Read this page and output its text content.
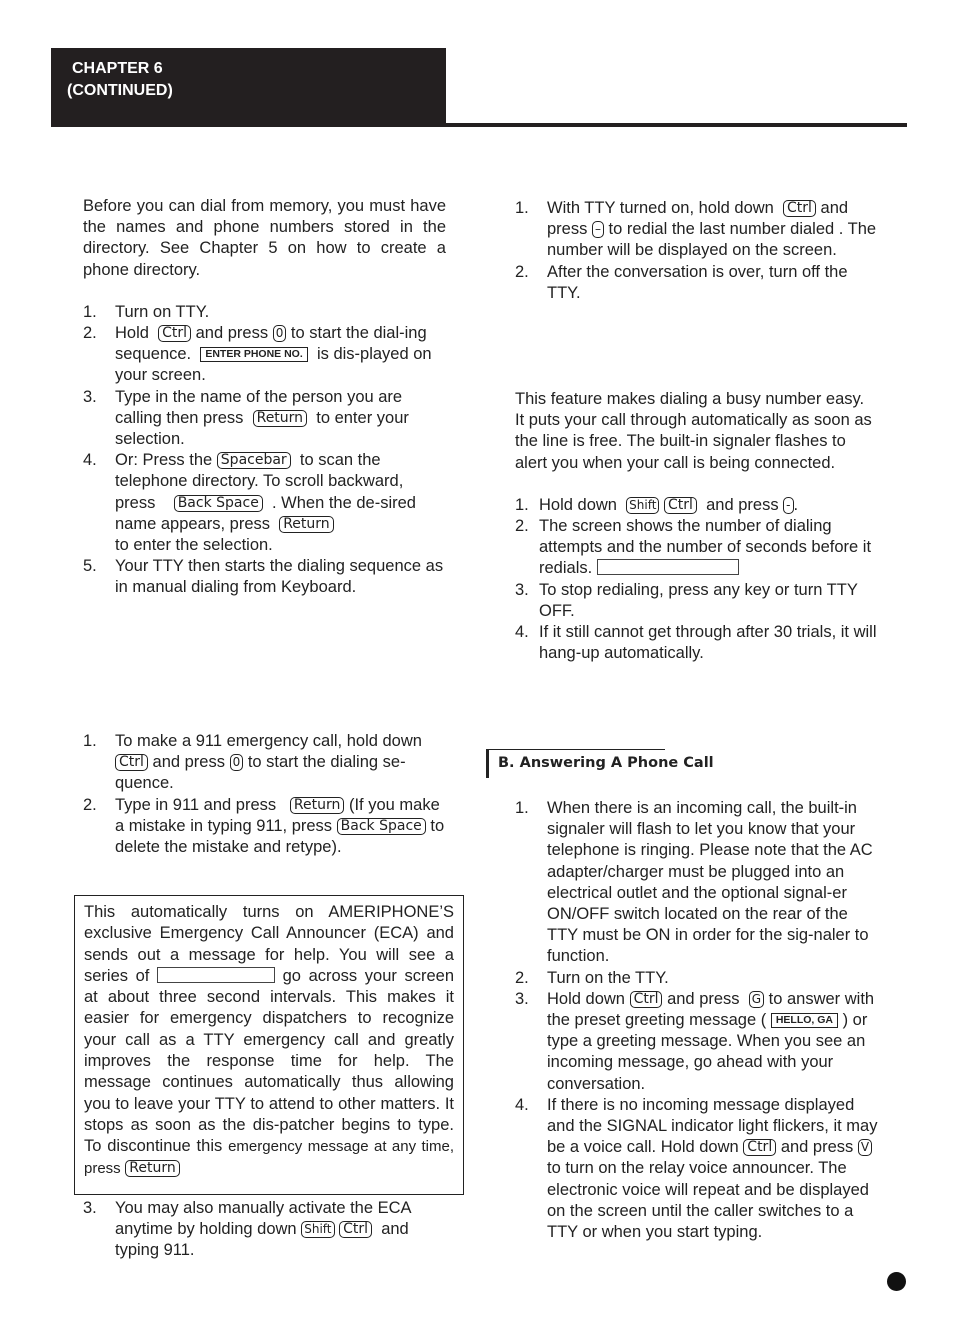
CHAPTER 6
(CONTINUED)

Before you can dial from memory, you must have the names and phone numbers stored in the directory. See Chapter 5 on how to create a phone directory.

1. Turn on TTY.
2. Hold Ctrl and press 0 to start the dial-ing sequence. ENTER PHONE NO. is dis-played on your screen.
3. Type in the name of the person you are calling then press Return to enter your selection.
4. Or: Press the Spacebar to scan the telephone directory. To scroll backward, press Back Space . When the de-sired name appears, press Return
to enter the selection.
5. Your TTY then starts the dialing sequence as in manual dialing from Keyboard.
1. To make a 911 emergency call, hold down Ctrl and press 0 to start the dialing se-quence.
2. Type in 911 and press Return (If you make a mistake in typing 911, press Back Space to delete the mistake and retype).
This automatically turns on AMERIPHONE’S exclusive Emergency Call Announcer (ECA) and sends out a message for help. You will see a series of	go across your screen at about three second intervals. This makes it easier for emergency dispatchers to recognize your call as a TTY emergency call and greatly improves the response time for help. The message continues automatically thus allowing you to leave your TTY to attend to other matters. It stops as soon as the dis-patcher begins to type. To discontinue this emergency message at any time, press Return
3. You may also manually activate the ECA anytime by holding down Shift Ctrl and typing 911.
1. With TTY turned on, hold down Ctrl and press – to redial the last number dialed . The number will be displayed on the screen.
2. After the conversation is over, turn off the TTY.

This feature makes dialing a busy number easy. It puts your call through automatically as soon as the line is free. The built-in signaler flashes to alert you when your call is being connected.

1. Hold down Shift Ctrl and press - .
2. The screen shows the number of dialing attempts and the number of seconds before it redials.
3. To stop redialing, press any key or turn TTY OFF.
4. If it still cannot get through after 30 trials, it will hang-up automatically.
B. Answering A Phone Call
1. When there is an incoming call, the built-in signaler will flash to let you know that your telephone is ringing. Please note that the AC adapter/charger must be plugged into an electrical outlet and the optional signal-er ON/OFF switch located on the rear of the TTY must be ON in order for the sig-naler to function.
2. Turn on the TTY.
3. Hold down Ctrl and press G to answer with the preset greeting message ( HELLO, GA ) or type a greeting message. When you see an incoming message, go ahead with your conversation.
4. If there is no incoming message displayed and the SIGNAL indicator light flickers, it may be a voice call. Hold down Ctrl and press V to turn on the relay voice announcer. The electronic voice will repeat and be displayed on the screen until the caller switches to a TTY or when you start typing.
